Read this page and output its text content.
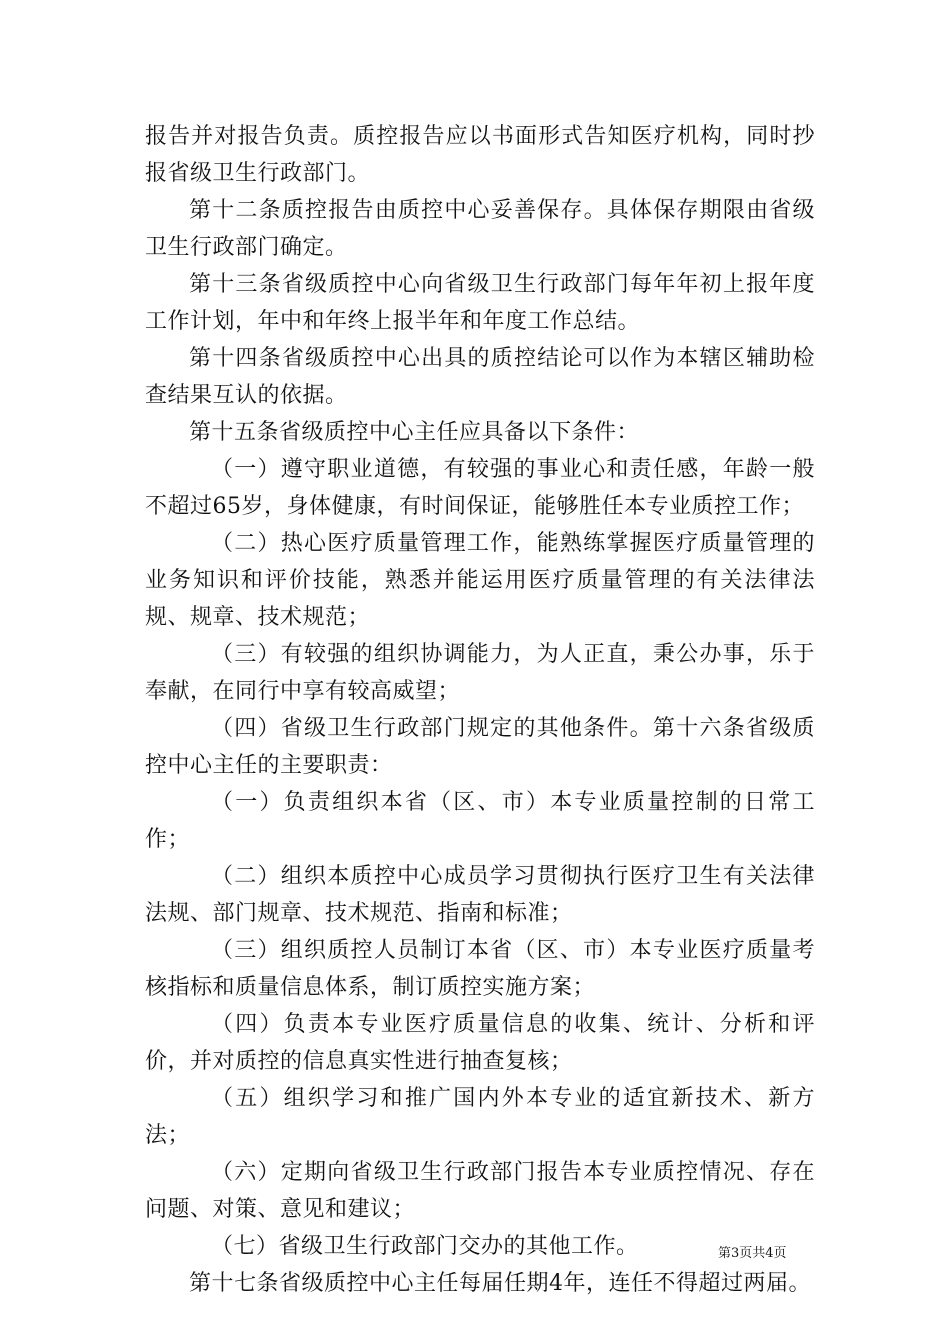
报告并对报告负责。质控报告应以书面形式告知医疗机构，同时抄报省级卫生行政部门。

第十二条质控报告由质控中心妥善保存。具体保存期限由省级卫生行政部门确定。

第十三条省级质控中心向省级卫生行政部门每年年初上报年度工作计划，年中和年终上报半年和年度工作总结。

第十四条省级质控中心出具的质控结论可以作为本辖区辅助检查结果互认的依据。

第十五条省级质控中心主任应具备以下条件：

（一）遵守职业道德，有较强的事业心和责任感，年龄一般不超过65岁，身体健康，有时间保证，能够胜任本专业质控工作；

（二）热心医疗质量管理工作，能熟练掌握医疗质量管理的业务知识和评价技能，熟悉并能运用医疗质量管理的有关法律法规、规章、技术规范；

（三）有较强的组织协调能力，为人正直，秉公办事，乐于奉献，在同行中享有较高威望；

（四）省级卫生行政部门规定的其他条件。第十六条省级质控中心主任的主要职责：

（一）负责组织本省（区、市）本专业质量控制的日常工作；

（二）组织本质控中心成员学习贯彻执行医疗卫生有关法律法规、部门规章、技术规范、指南和标准；

（三）组织质控人员制订本省（区、市）本专业医疗质量考核指标和质量信息体系，制订质控实施方案；

（四）负责本专业医疗质量信息的收集、统计、分析和评价，并对质控的信息真实性进行抽查复核；

（五）组织学习和推广国内外本专业的适宜新技术、新方法；

（六）定期向省级卫生行政部门报告本专业质控情况、存在问题、对策、意见和建议；

（七）省级卫生行政部门交办的其他工作。

第十七条省级质控中心主任每届任期4年，连任不得超过两届。

第3页共4页
